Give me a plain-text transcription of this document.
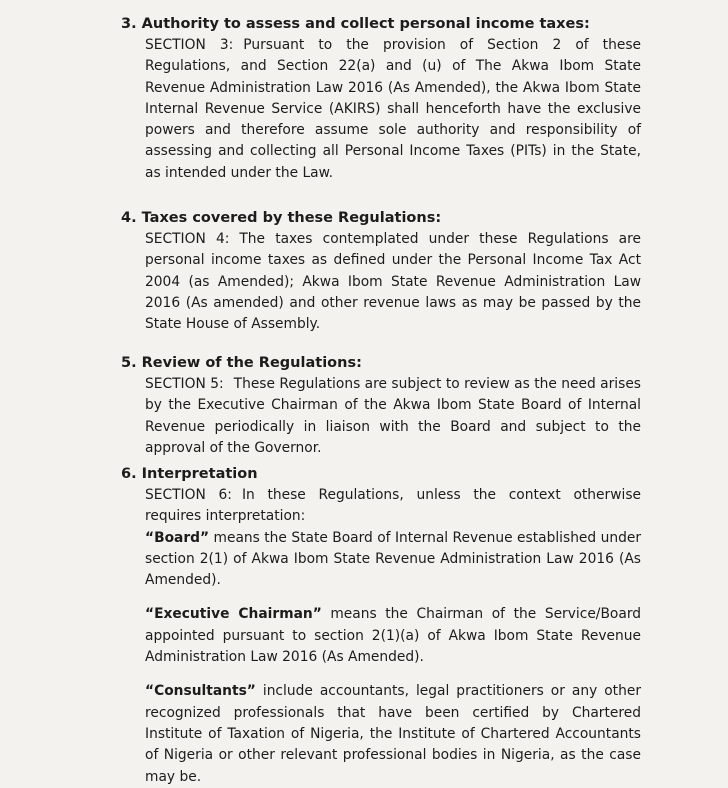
3. Authority to assess and collect personal income taxes:

SECTION 3: Pursuant to the provision of Section 2 of these Regulations, and Section 22(a) and (u) of The Akwa Ibom State Revenue Administration Law 2016 (As Amended), the Akwa Ibom State Internal Revenue Service (AKIRS) shall henceforth have the exclusive powers and therefore assume sole authority and responsibility of assessing and collecting all Personal Income Taxes (PITs) in the State, as intended under the Law.

4. Taxes covered by these Regulations:

SECTION 4: The taxes contemplated under these Regulations are personal income taxes as defined under the Personal Income Tax Act 2004 (as Amended); Akwa Ibom State Revenue Administration Law 2016 (As amended) and other revenue laws as may be passed by the State House of Assembly.

5. Review of the Regulations:

SECTION 5: These Regulations are subject to review as the need arises by the Executive Chairman of the Akwa Ibom State Board of Internal Revenue periodically in liaison with the Board and subject to the approval of the Governor.

6. Interpretation

SECTION 6: In these Regulations, unless the context otherwise requires interpretation:

“Board” means the State Board of Internal Revenue established under section 2(1) of Akwa Ibom State Revenue Administration Law 2016 (As Amended).

“Executive Chairman” means the Chairman of the Service/Board appointed pursuant to section 2(1)(a) of Akwa Ibom State Revenue Administration Law 2016 (As Amended).

“Consultants” include accountants, legal practitioners or any other recognized professionals that have been certified by Chartered Institute of Taxation of Nigeria, the Institute of Chartered Accountants of Nigeria or other relevant professional bodies in Nigeria, as the case may be.
